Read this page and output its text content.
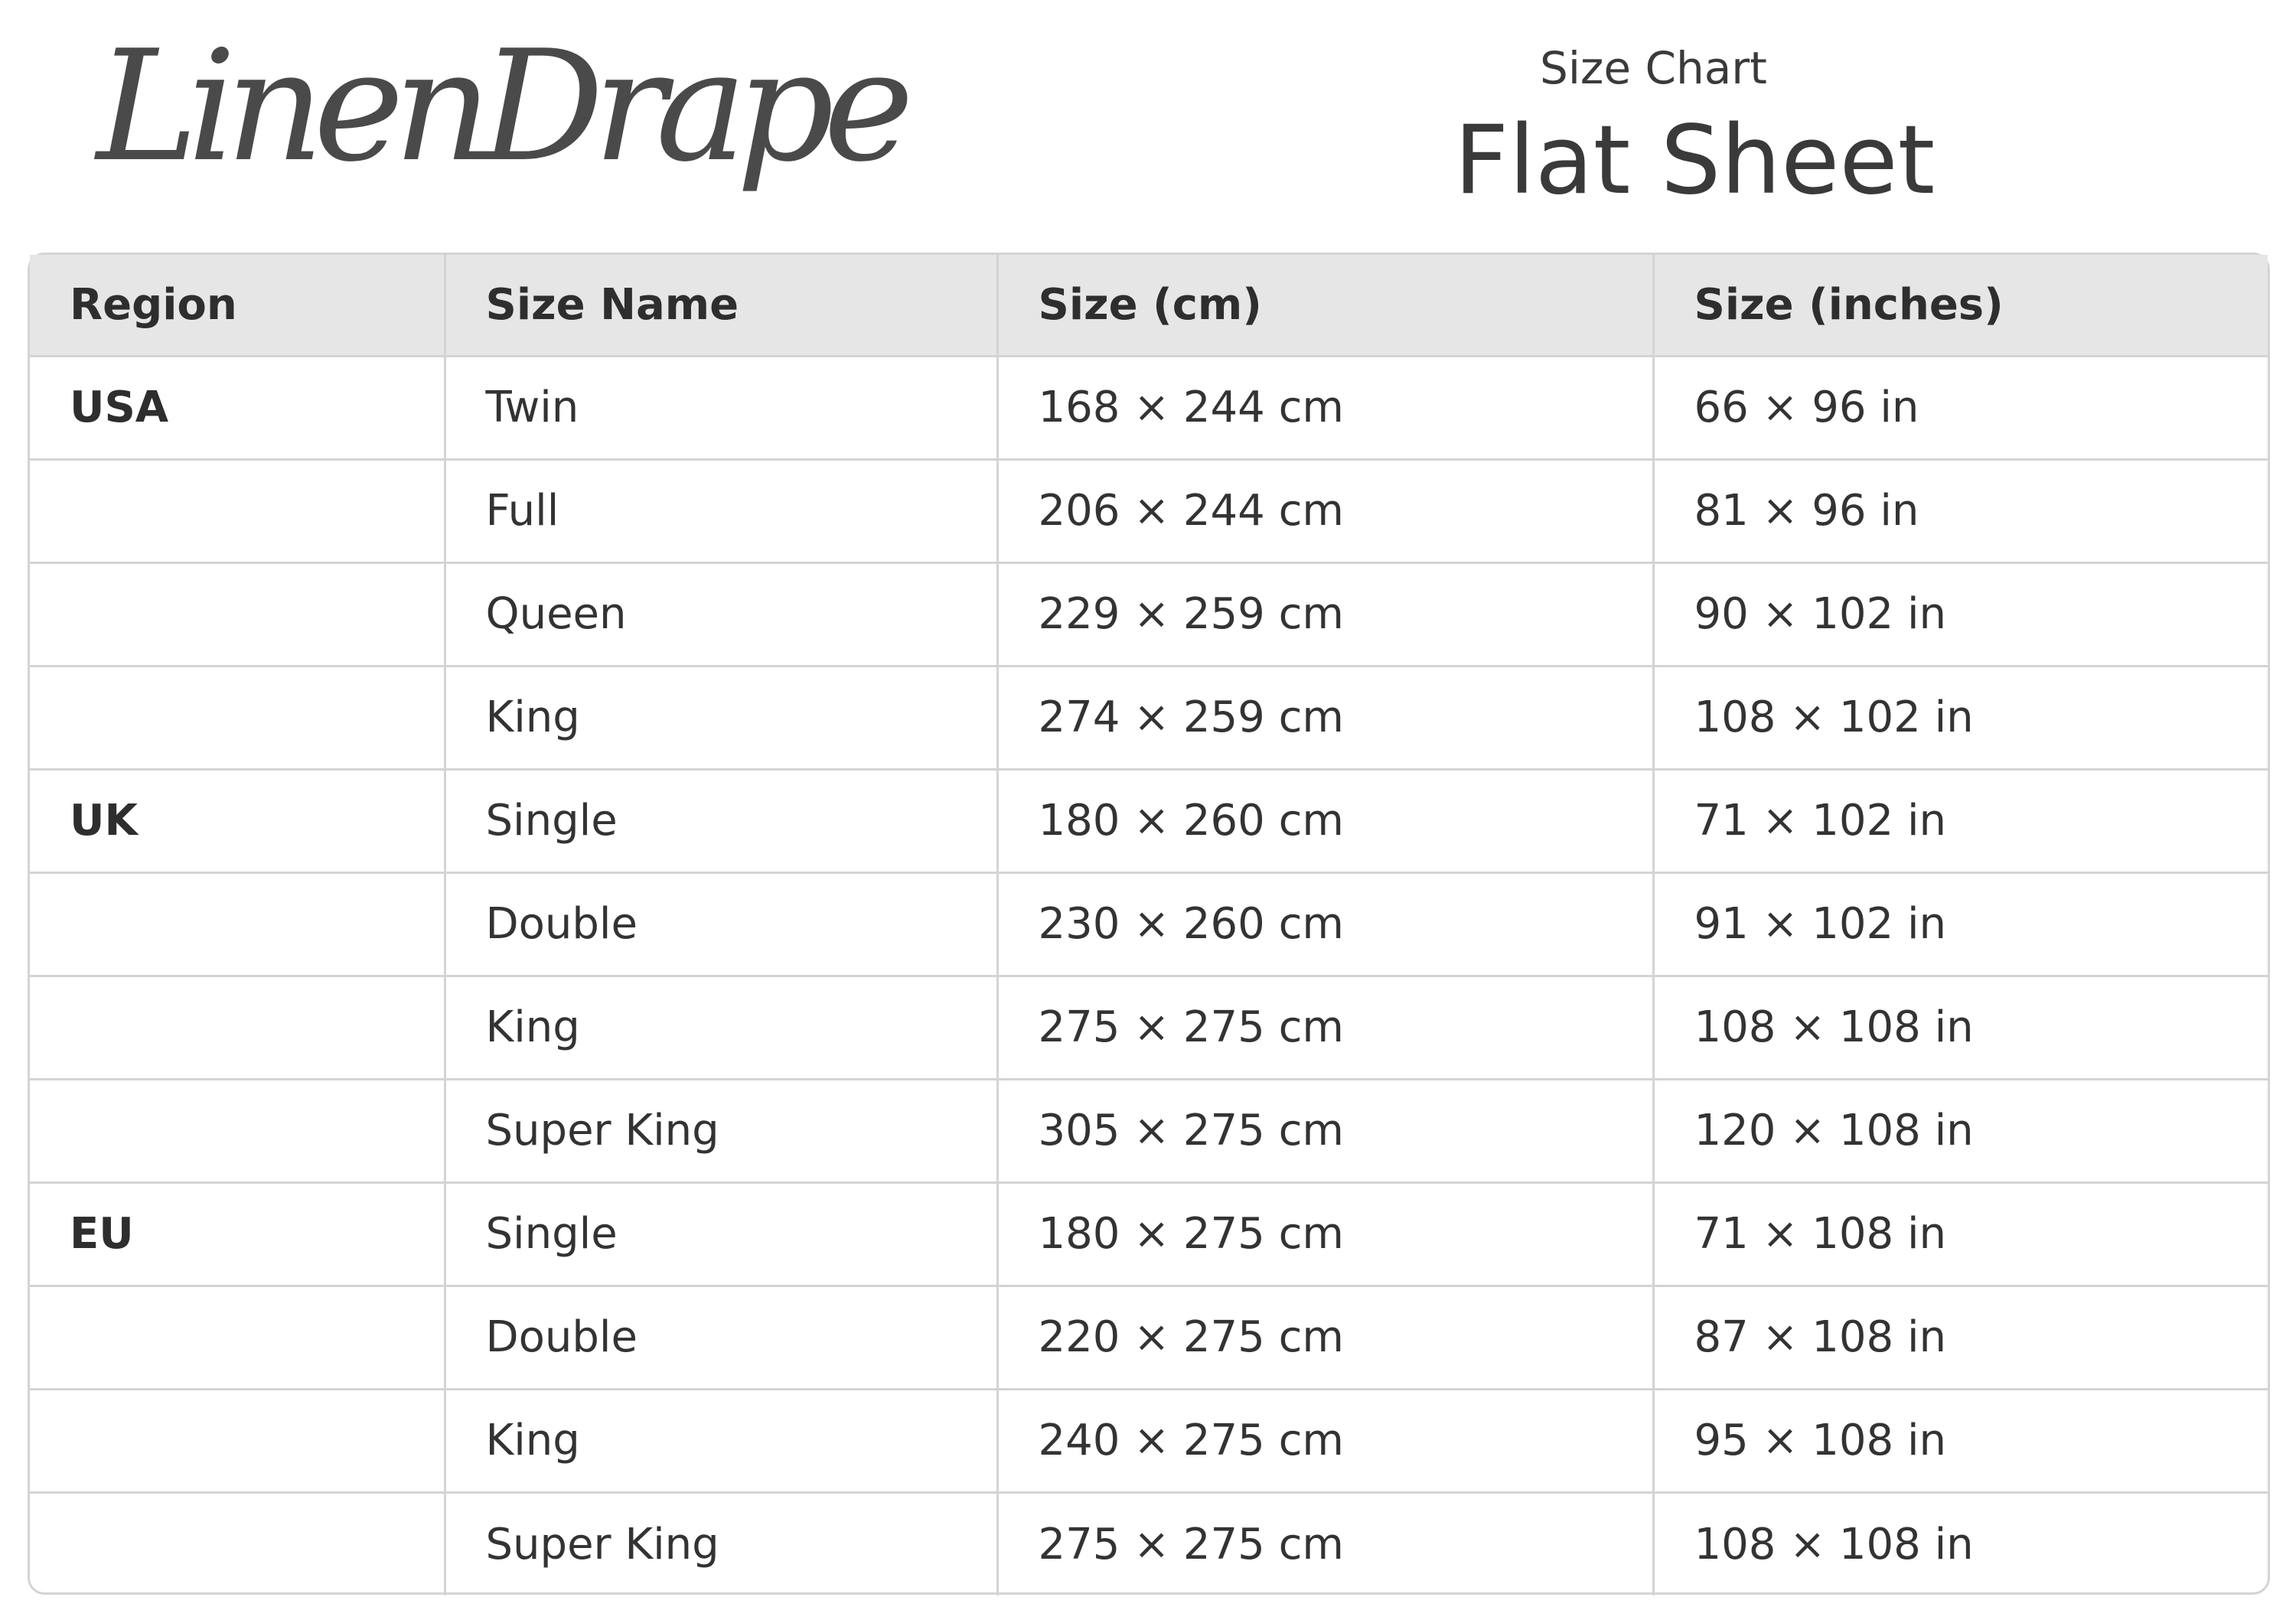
LinenDrape	Size Chart
Flat Sheet
Region	Size Name	Size (cm)	Size (inches)
USA	Twin	168 × 244 cm	66 × 96 in
	Full	206 × 244 cm	81 × 96 in
	Queen	229 × 259 cm	90 × 102 in
	King	274 × 259 cm	108 × 102 in
UK	Single	180 × 260 cm	71 × 102 in
	Double	230 × 260 cm	91 × 102 in
	King	275 × 275 cm	108 × 108 in
	Super King	305 × 275 cm	120 × 108 in
EU	Single	180 × 275 cm	71 × 108 in
	Double	220 × 275 cm	87 × 108 in
	King	240 × 275 cm	95 × 108 in
	Super King	275 × 275 cm	108 × 108 in
